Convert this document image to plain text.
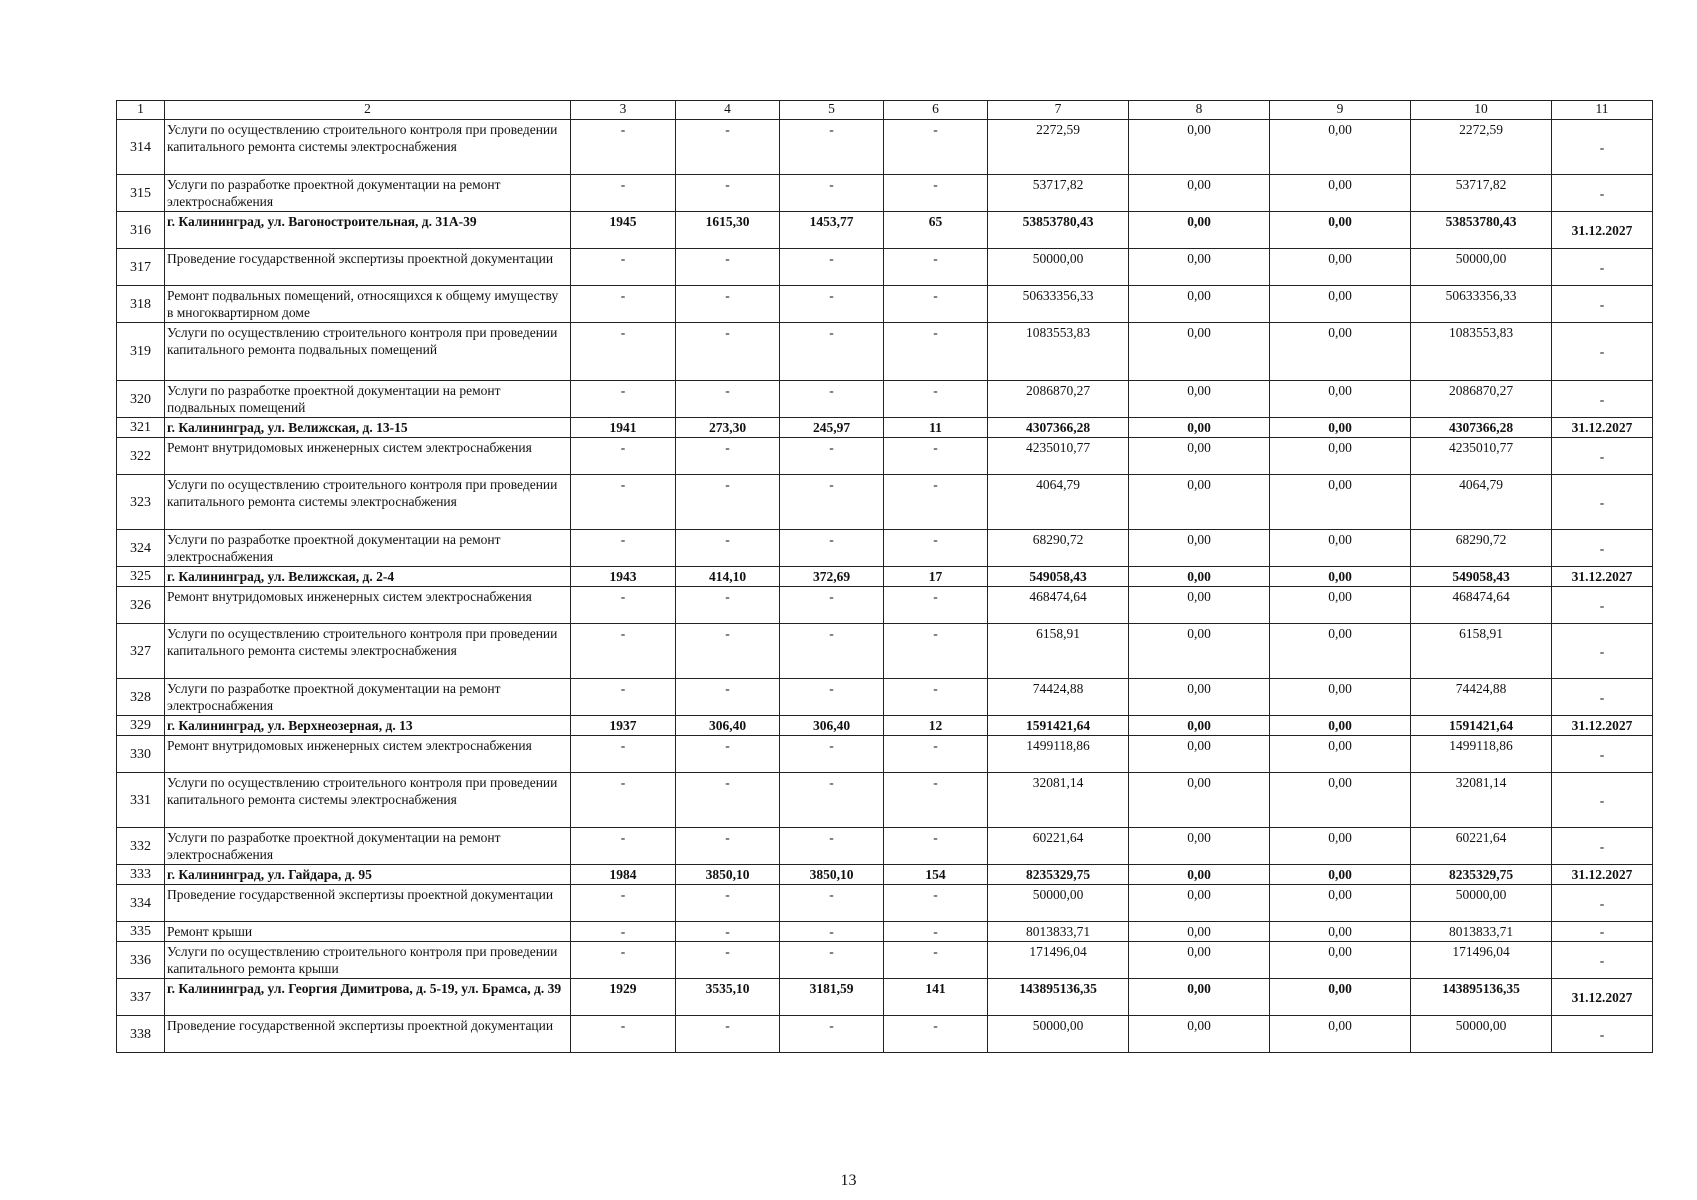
1	2	3	4	5	6	7	8	9	10	11
314	Услуги по осуществлению строительного контроля при проведении капитального ремонта системы электроснабжения	-	-	-	-	2272,59	0,00	0,00	2272,59	-
315	Услуги по разработке проектной документации на ремонт электроснабжения	-	-	-	-	53717,82	0,00	0,00	53717,82	-
316	г. Калининград, ул. Вагоностроительная, д. 31А-39	1945	1615,30	1453,77	65	53853780,43	0,00	0,00	53853780,43	31.12.2027
317	Проведение государственной экспертизы проектной документации	-	-	-	-	50000,00	0,00	0,00	50000,00	-
318	Ремонт подвальных помещений, относящихся к общему имуществу в многоквартирном доме	-	-	-	-	50633356,33	0,00	0,00	50633356,33	-
319	Услуги по осуществлению строительного контроля при проведении капитального ремонта подвальных помещений	-	-	-	-	1083553,83	0,00	0,00	1083553,83	-
320	Услуги по разработке проектной документации на ремонт подвальных помещений	-	-	-	-	2086870,27	0,00	0,00	2086870,27	-
321	г. Калининград, ул. Велижская, д. 13-15	1941	273,30	245,97	11	4307366,28	0,00	0,00	4307366,28	31.12.2027
322	Ремонт внутридомовых инженерных систем электроснабжения	-	-	-	-	4235010,77	0,00	0,00	4235010,77	-
323	Услуги по осуществлению строительного контроля при проведении капитального ремонта системы электроснабжения	-	-	-	-	4064,79	0,00	0,00	4064,79	-
324	Услуги по разработке проектной документации на ремонт электроснабжения	-	-	-	-	68290,72	0,00	0,00	68290,72	-
325	г. Калининград, ул. Велижская, д. 2-4	1943	414,10	372,69	17	549058,43	0,00	0,00	549058,43	31.12.2027
326	Ремонт внутридомовых инженерных систем электроснабжения	-	-	-	-	468474,64	0,00	0,00	468474,64	-
327	Услуги по осуществлению строительного контроля при проведении капитального ремонта системы электроснабжения	-	-	-	-	6158,91	0,00	0,00	6158,91	-
328	Услуги по разработке проектной документации на ремонт электроснабжения	-	-	-	-	74424,88	0,00	0,00	74424,88	-
329	г. Калининград, ул. Верхнеозерная, д. 13	1937	306,40	306,40	12	1591421,64	0,00	0,00	1591421,64	31.12.2027
330	Ремонт внутридомовых инженерных систем электроснабжения	-	-	-	-	1499118,86	0,00	0,00	1499118,86	-
331	Услуги по осуществлению строительного контроля при проведении капитального ремонта системы электроснабжения	-	-	-	-	32081,14	0,00	0,00	32081,14	-
332	Услуги по разработке проектной документации на ремонт электроснабжения	-	-	-	-	60221,64	0,00	0,00	60221,64	-
333	г. Калининград, ул. Гайдара, д. 95	1984	3850,10	3850,10	154	8235329,75	0,00	0,00	8235329,75	31.12.2027
334	Проведение государственной экспертизы проектной документации	-	-	-	-	50000,00	0,00	0,00	50000,00	-
335	Ремонт крыши	-	-	-	-	8013833,71	0,00	0,00	8013833,71	-
336	Услуги по осуществлению строительного контроля при проведении капитального ремонта крыши	-	-	-	-	171496,04	0,00	0,00	171496,04	-
337	г. Калининград, ул. Георгия Димитрова, д. 5-19, ул. Брамса, д. 39	1929	3535,10	3181,59	141	143895136,35	0,00	0,00	143895136,35	31.12.2027
338	Проведение государственной экспертизы проектной документации	-	-	-	-	50000,00	0,00	0,00	50000,00	-
13
